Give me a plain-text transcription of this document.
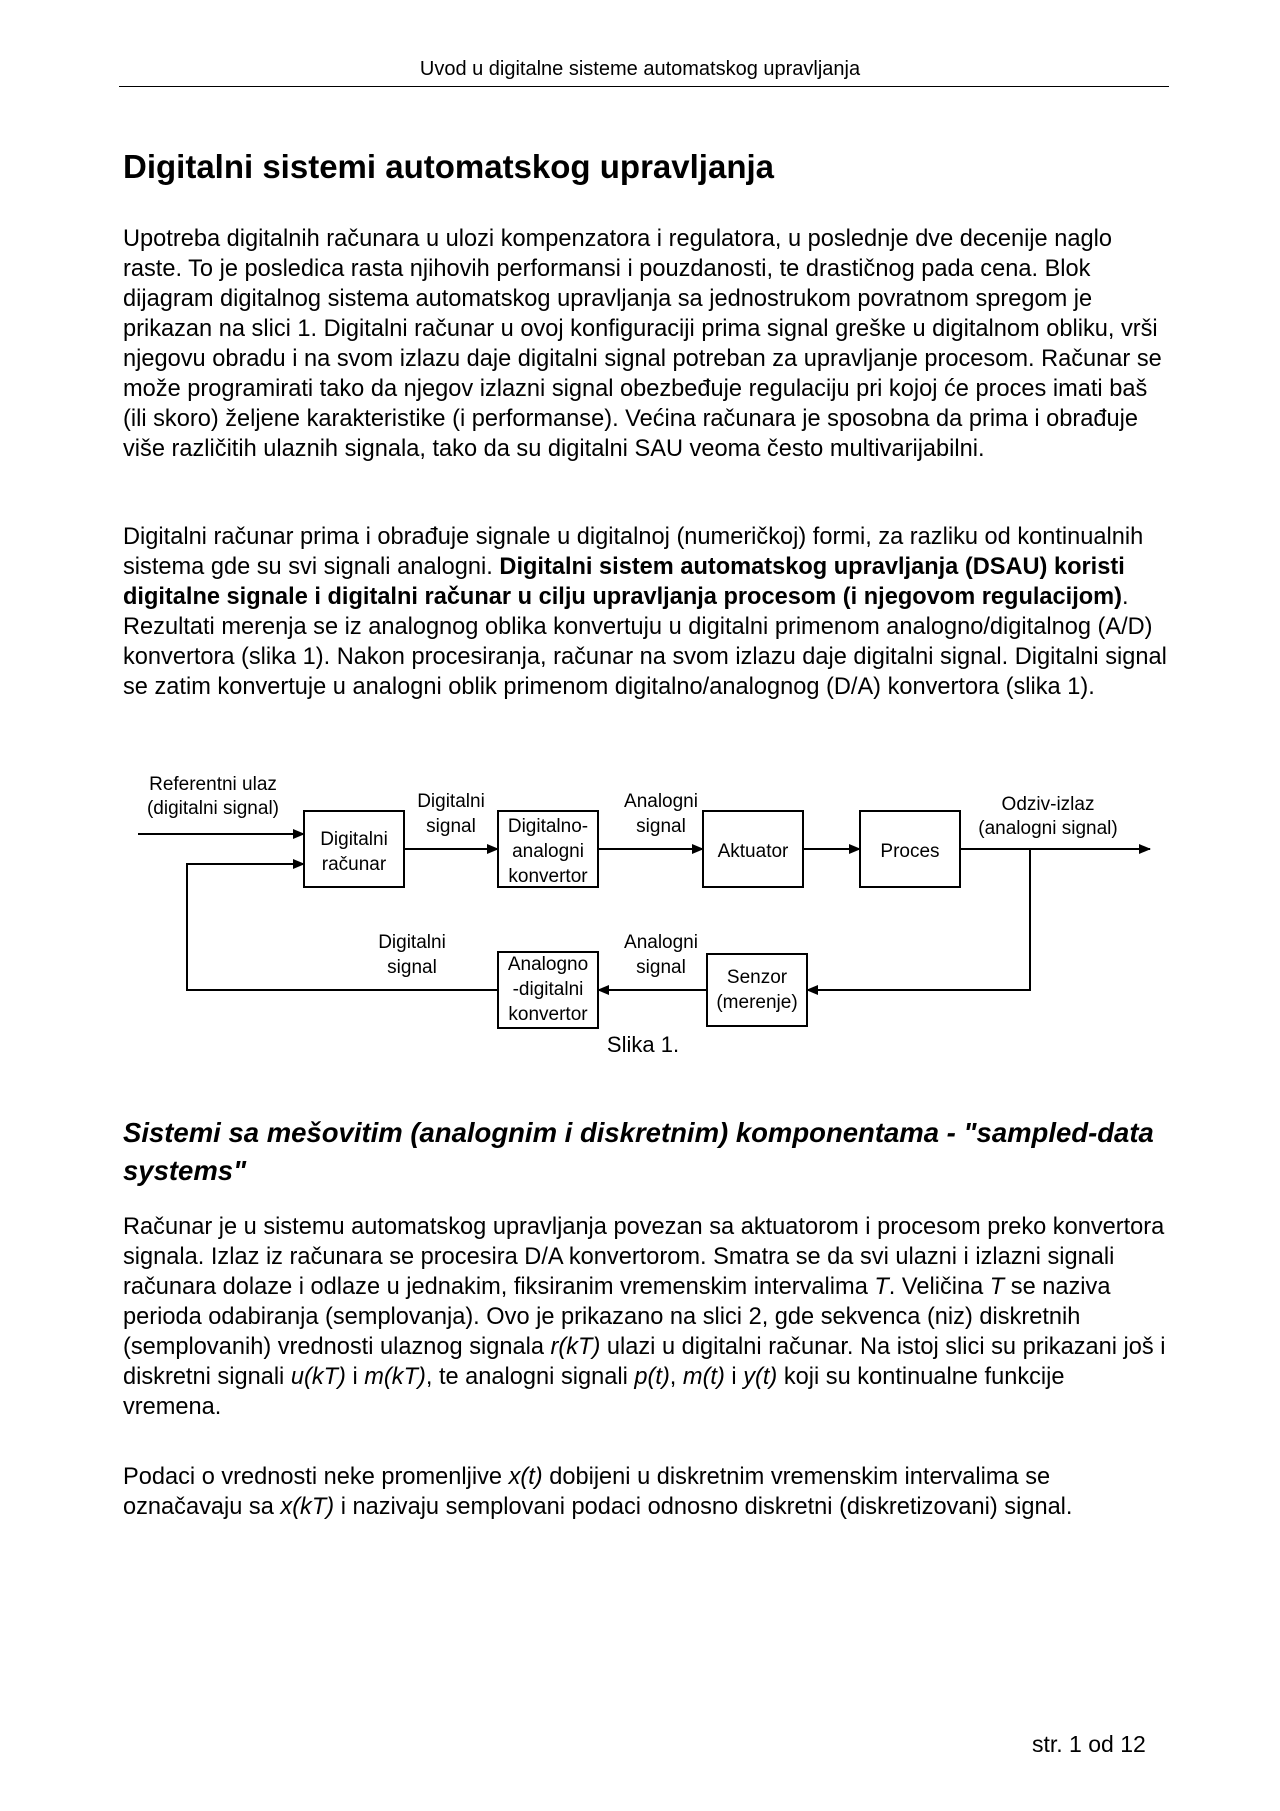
Uvod u digitalne sisteme automatskog upravljanja
Digitalni sistemi automatskog upravljanja

Upotreba digitalnih računara u ulozi kompenzatora i regulatora, u poslednje dve decenije naglo raste. To je posledica rasta njihovih performansi i pouzdanosti, te drastičnog pada cena. Blok dijagram digitalnog sistema automatskog upravljanja sa jednostrukom povratnom spregom je prikazan na slici 1. Digitalni računar u ovoj konfiguraciji prima signal greške u digitalnom obliku, vrši njegovu obradu i na svom izlazu daje digitalni signal potreban za upravljanje procesom. Računar se može programirati tako da njegov izlazni signal obezbeđuje regulaciju pri kojoj će proces imati baš (ili skoro) željene karakteristike (i performanse). Većina računara je sposobna da prima i obrađuje više različitih ulaznih signala, tako da su digitalni SAU veoma često multivarijabilni.

Digitalni računar prima i obrađuje signale u digitalnoj (numeričkoj) formi, za razliku od kontinualnih sistema gde su svi signali analogni. Digitalni sistem automatskog upravljanja (DSAU) koristi digitalne signale i digitalni računar u cilju upravljanja procesom (i njegovom regulacijom). Rezultati merenja se iz analognog oblika konvertuju u digitalni primenom analogno/digitalnog (A/D) konvertora (slika 1). Nakon procesiranja, računar na svom izlazu daje digitalni signal. Digitalni signal se zatim konvertuje u analogni oblik primenom digitalno/analognog (D/A) konvertora (slika 1).

Referentni ulaz
(digitalni signal)
Digitalni
računar
Digitalni
signal Digitalno-
analogni
konvertor
Analogni
signal
Aktuator	Proces
Odziv-izlaz
(analogni signal)
Digitalni
signal	Analogno
-digitalni
konvertor
Analogni
signal Senzor
(merenje)
Slika 1.
Sistemi sa mešovitim (analognim i diskretnim) komponentama - "sampled-data systems"

Računar je u sistemu automatskog upravljanja povezan sa aktuatorom i procesom preko konvertora signala. Izlaz iz računara se procesira D/A konvertorom. Smatra se da svi ulazni i izlazni signali računara dolaze i odlaze u jednakim, fiksiranim vremenskim intervalima T. Veličina T se naziva perioda odabiranja (semplovanja). Ovo je prikazano na slici 2, gde sekvenca (niz) diskretnih (semplovanih) vrednosti ulaznog signala r(kT) ulazi u digitalni računar. Na istoj slici su prikazani još i diskretni signali u(kT) i m(kT), te analogni signali p(t), m(t) i y(t) koji su kontinualne funkcije vremena.

Podaci o vrednosti neke promenljive x(t) dobijeni u diskretnim vremenskim intervalima se označavaju sa x(kT) i nazivaju semplovani podaci odnosno diskretni (diskretizovani) signal.

str. 1 od 12
